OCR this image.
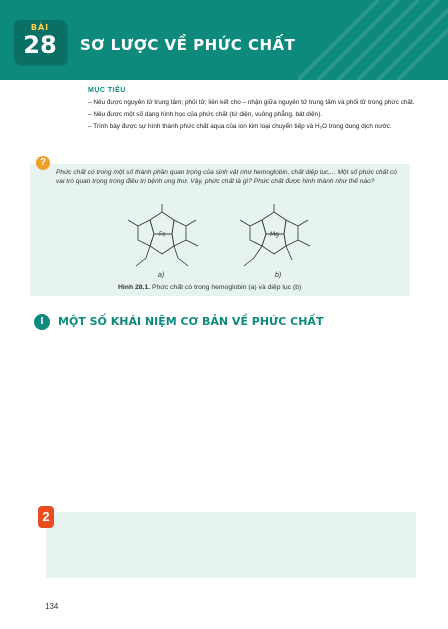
BÀI
28	SƠ LƯỢC VỀ PHỨC CHẤT
MỤC TIÊU
– Nêu được nguyên tử trung tâm; phối tử; liên kết cho – nhận giữa nguyên tử trung tâm và phối tử trong phức chất.
– Nêu được một số dạng hình học của phức chất (tứ diện, vuông phẳng, bát diện).
– Trình bày được sự hình thành phức chất aqua của ion kim loại chuyển tiếp và H₂O trong dung dịch nước.
?
Phức chất có trong một số thành phần quan trọng của sinh vật như hemoglobin, chất diệp lục,... Một số phức chất có vai trò quan trọng trong điều trị bệnh ung thư. Vậy, phức chất là gì? Phức chất được hình thành như thế nào?
Fe	Mg
a)	b)
Hình 28.1. Phức chất có trong hemoglobin (a) và diệp lục (b)
I	MỘT SỐ KHÁI NIỆM CƠ BẢN VỀ PHỨC CHẤT
2
134
